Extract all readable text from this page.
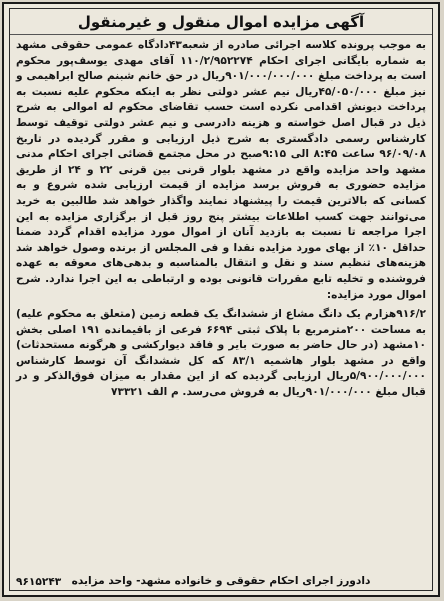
آگهی مزایده اموال منقول و غیرمنقول

به موجب پرونده کلاسه اجرائی صادره از شعبه۴۳دادگاه عمومی حقوقی مشهد به شماره بایگانی اجرای احکام ۱۱۰/۲/۹۵۲۲۷۴ آقای مهدی یوسف‌پور محکوم است به پرداخت مبلغ ۹۰۱/۰۰۰/۰۰۰/۰۰۰ریال در حق خانم شبنم صالح ابراهیمی و نیز مبلغ ۴۵/۰۵۰/۰۰۰ریال نیم عشر دولتی نظر به اینکه محکوم علیه نسبت به پرداخت دیونش اقدامی نکرده است حسب تقاضای محکوم له اموالی به شرح ذیل در قبال اصل خواسته و هزینه دادرسی و نیم عشر دولتی توقیف توسط کارشناس رسمی دادگستری به شرح ذیل ارزیابی و مقرر گردیده در تاریخ ۹۶/۰۹/۰۸ ساعت ۸:۴۵ الی ۹:۱۵صبح در محل مجتمع قضائی اجرای احکام مدنی مشهد واحد مزایده واقع در مشهد بلوار قرنی بین قرنی ۲۲ و ۲۴ از طریق مزایده حضوری به فروش برسد مزایده از قیمت ارزیابی شده شروع و به کسانی که بالاترین قیمت را پیشنهاد نمایند واگذار خواهد شد طالبین به خرید می‌توانند جهت کسب اطلاعات بیشتر پنج روز قبل از برگزاری مزایده به این اجرا مراجعه تا نسبت به بازدید آنان از اموال مورد مزایده اقدام گردد ضمنا حداقل ۱۰٪ از بهای مورد مزایده نقدا و فی المجلس از برنده وصول خواهد شد هزینه‌های تنظیم سند و نقل و انتقال بالمناسبه و بدهی‌های معوقه به عهده فروشنده و تخلیه تابع مقررات قانونی بوده و ارتباطی به این اجرا ندارد. شرح اموال مورد مزایده:

۹۱۶/۲هزارم یک دانگ مشاع از ششدانگ یک قطعه زمین (متعلق به محکوم علیه) به مساحت ۲۰۰مترمربع با پلاک ثبتی ۶۶۹۴ فرعی از باقیمانده ۱۹۱ اصلی بخش ۱۰مشهد (در حال حاضر به صورت بایر و فاقد دیوارکشی و هرگونه مستحدثات) واقع در مشهد بلوار هاشمیه ۸۳/۱ که کل ششدانگ آن توسط کارشناس ۵/۹۰۰/۰۰۰/۰۰۰ریال ارزیابی گردیده که از این مقدار به میزان فوق‌الذکر و در قبال مبلغ ۹۰۱/۰۰۰/۰۰۰ریال به فروش می‌رسد. م الف ۷۳۳۲۱

دادورز اجرای احکام حقوقی و خانواده مشهد- واحد مزایده
۹۶۱۵۲۴۳
